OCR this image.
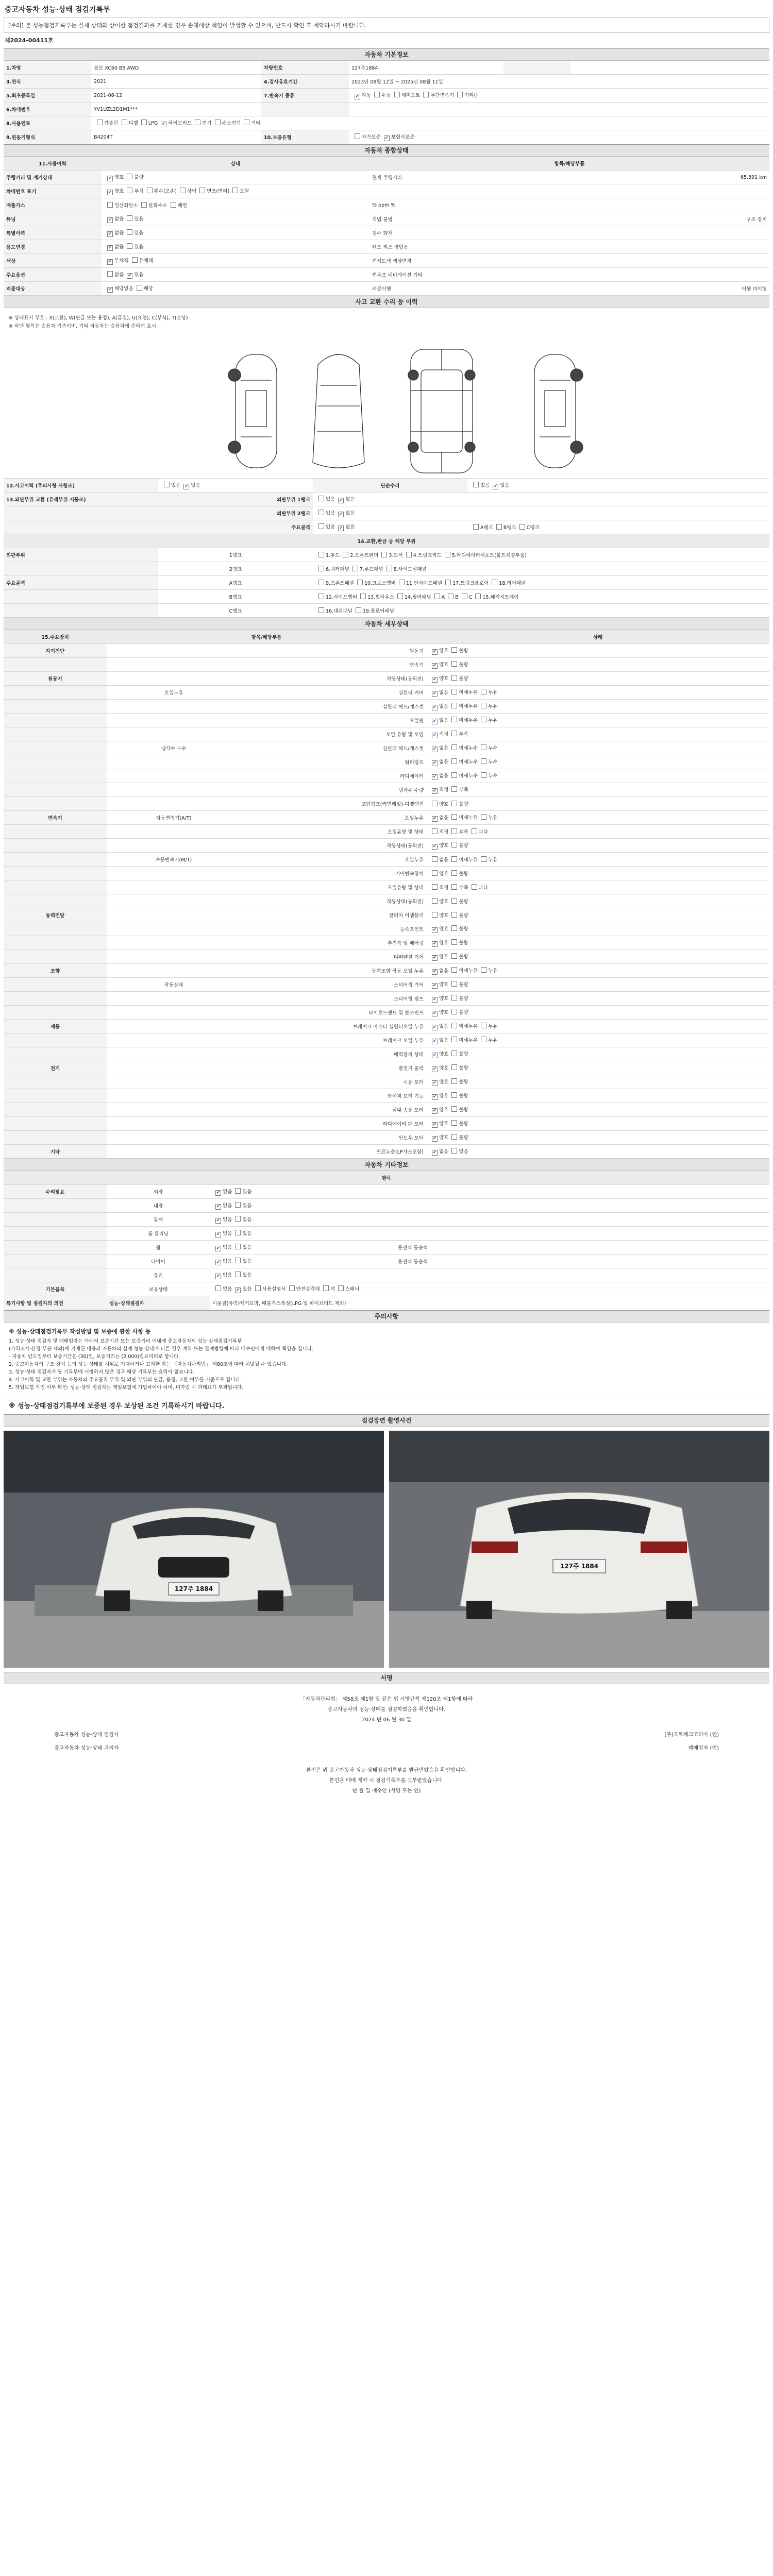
중고자동차 성능·상태 점검기록부
[주의] 본 성능점검기록부는 실제 상태와 상이한 점검결과를 기재한 경우 손해배상 책임이 발생할 수 있으며, 반드시 확인 후 계약하시기 바랍니다.
제2024-00411호
자동차 기본정보
1.차명	볼보 XC60 B5 AWD	차량번호	127주1884		
3.연식	2021	4.검사유효기간	2023년 08월 12일 ~ 2025년 08월 11일		
5.최초등록일	2021-08-12	7.변속기 종류	✔자동 수동 세미오토 무단변속기 기타()
6.차대번호	YV1UZL2D1M1***				
8.사용연료	가솔린 디젤 LPG ✔ 하이브리드 전기 수소전기 기타
9.원동기형식	B4204T	10.보증유형	자가보증 ✔ 보험사보증
자동차 종합상태
11.사용이력	상태	항목/해당부품	
주행거리 및 계기상태	✔양호 불량	현재 주행거리	65,891 km
차대번호 표기	✔양호 부식 훼손(오손) 상이 변조(변타) 도말		
배출가스	일산화탄소 탄화수소 매연	% ppm %	
튜닝	✔없음 있음	적법 불법	구조 장치
특별이력	✔없음 있음	침수 화재	
용도변경	✔없음 있음	렌트 리스 영업용	
색상	✔무채색 유채색	전체도색 색상변경	
주요옵션	없음 ✔ 있음	썬루프 네비게이션 기타	
리콜대상	✔해당없음 해당	리콜이행	이행 미이행
사고 교환 수리 등 이력
※ 상태표시 부호 : X(교환), W(판금 또는 용접), A(흠집), U(요철), C(부식), T(손상)
※ 하단 항목은 승용차 기준이며, 기타 자동차는 승용차에 준하여 표시
12.사고이력 (주의사항 사항조)	있음 ✔ 없음	단순수리	있음 ✔ 없음
13.외판부위 교환 (유색부위 시동조)	외판부위 1랭크	있음 ✔ 없음	
	외판부위 2랭크	있음 ✔ 없음	
	주요골격	있음 ✔ 없음	A랭크 B랭크 C랭크
14.교환,판금 등 해당 부위			
외판부위	1랭크	1.후드 2.프론트펜더 3.도어 4.트렁크리드 5.라디에이터서포트(볼트체결부품)	
	2랭크	6.쿼터패널 7.루프패널 8.사이드실패널	
주요골격	A랭크	9.프론트패널 10.크로스멤버 11.인사이드패널 17.트렁크플로어 18.리어패널	
	B랭크	12.사이드멤버 13.휠하우스 14.필러패널 A B C 15.패키지트레이	
	C랭크	16.대쉬패널 19.플로어패널	
자동차 세부상태
15.주요장치	항목/해당부품		상태
자기진단		원동기	✔양호 불량
		변속기	✔양호 불량
원동기		작동상태(공회전)	✔양호 불량
	오일누유	실린더 커버	✔없음 미세누유 누유
		실린더 헤드/개스켓	✔없음 미세누유 누유
		오일팬	✔없음 미세누유 누유
		오일 유량 및 오염	✔적정 부족
	냉각수 누수	실린더 헤드/개스켓	✔없음 미세누수 누수
		워터펌프	✔없음 미세누수 누수
		라디에이터	✔없음 미세누수 누수
		냉각수 수량	✔적정 부족
		고압펌프(커먼레일)-디젤엔진	양호 불량
변속기	자동변속기(A/T)	오일누유	✔없음 미세누유 누유
		오일유량 및 상태	적정 부족 과다
		작동상태(공회전)	✔양호 불량
	수동변속기(M/T)	오일누유	없음 미세누유 누유
		기어변속장치	양호 불량
		오일유량 및 상태	적정 부족 과다
		작동상태(공회전)	양호 불량
동력전달		클러치 어셈블리	양호 불량
		등속조인트	✔양호 불량
		추진축 및 베어링	✔양호 불량
		디퍼렌셜 기어	✔양호 불량
조향		동력조향 작동 오일 누유	✔없음 미세누유 누유
	작동상태	스티어링 기어	✔양호 불량
		스티어링 펌프	✔양호 불량
		타이로드엔드 및 볼조인트	✔양호 불량
제동		브레이크 마스터 실린더오일 누유	✔없음 미세누유 누유
		브레이크 오일 누유	✔없음 미세누유 누유
		배력장치 상태	✔양호 불량
전기		발전기 출력	✔양호 불량
		시동 모터	✔양호 불량
		와이퍼 모터 기능	✔양호 불량
		실내 송풍 모터	✔양호 불량
		라디에이터 팬 모터	✔양호 불량
		윈도우 모터	✔양호 불량
기타		연료누출(LP가스포함)	✔없음 있음
자동차 기타정보
항목			
수리필요	외장	✔없음 있음	
	내장	✔없음 있음	
	광택	✔없음 있음	
	룸 클리닝	✔없음 있음	
	휠	✔없음 있음	운전석 동승석
	타이어	✔없음 있음	운전석 동승석
	유리	✔없음 있음	
기본품목	보유상태	없음 ✔ 있음 사용설명서 안전삼각대 잭 스패너	
특기사항 및 점검자의 의견	성능·상태점검자	이물질(유막)제거요망, 배출가스측정(LPG 및 하이브리드 제외)	
주의사항
※ 성능·상태점검기록부 작성방법 및 보증에 관한 사항 등
1. 성능·상태 점검자 및 매매업자는 아래의 보증기간 또는 보증거리 이내에 중고자동차의 성능·상태점검기록부
(가격조사·산정 부분 제외)에 기재된 내용과 자동차의 실제 성능·상태가 다른 경우 계약 또는 관계법령에 따라 매수인에게 대하여 책임을 집니다.
- 자동차 인도일부터 보증기간은 (30)일, 보증거리는 (2,000)킬로미터로 합니다.
2. 중고자동차의 구조·장치 등의 성능·상태를 허위로 기재하거나 고지한 자는 「자동차관리법」 제80조에 따라 처벌될 수 있습니다.
3. 성능·상태 점검자가 동 기록부에 서명하지 않은 경우 해당 기록부는 효력이 없습니다.
4. 사고이력 및 교환 부위는 자동차의 주요골격 부위 및 외판 부위의 판금, 용접, 교환 여부를 기준으로 합니다.
5. 책임보험 가입 여부 확인: 성능·상태 점검자는 책임보험에 가입하여야 하며, 미가입 시 과태료가 부과됩니다.
※ 성능·상태점검기록부에 보증된 경우 보상된 조건 기록하시기 바랍니다.
점검장면 촬영사진
127주 1884
127주 1884
서명
「자동차관리법」 제58조 제1항 및 같은 법 시행규칙 제120조 제1항에 따라
중고자동차의 성능·상태를 점검하였음을 확인합니다.
2024 년 06 월 30 일
중고자동차 성능·상태 점검자	(주)오토체크코리아 (인)
중고자동차 성능·상태 고지자	매매업자 (인)
본인은 위 중고자동차 성능·상태점검기록부를 발급받았음을 확인합니다.
본인은 매매 계약 시 점검기록부를 교부받았습니다.
년 월 일 매수인 (서명 또는 인)
